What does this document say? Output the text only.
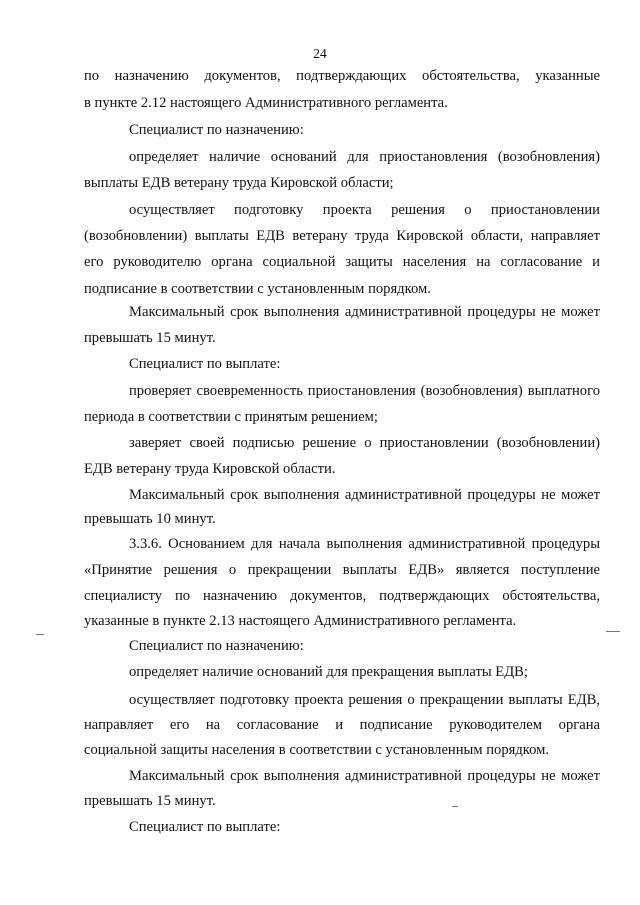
24
по назначению документов, подтверждающих обстоятельства, указанные
в пункте 2.12 настоящего Административного регламента.
Специалист по назначению:
определяет наличие оснований для приостановления (возобновления)
выплаты ЕДВ ветерану труда Кировской области;
осуществляет подготовку проекта решения о приостановлении
(возобновлении) выплаты ЕДВ ветерану труда Кировской области, направляет
его руководителю органа социальной защиты населения на согласование и
подписание в соответствии с установленным порядком.
Максимальный срок выполнения административной процедуры не может
превышать 15 минут.
Специалист по выплате:
проверяет своевременность приостановления (возобновления) выплатного
периода в соответствии с принятым решением;
заверяет своей подписью решение о приостановлении (возобновлении)
ЕДВ ветерану труда Кировской области.
Максимальный срок выполнения административной процедуры не может
превышать 10 минут.
3.3.6. Основанием для начала выполнения административной процедуры
«Принятие решения о прекращении выплаты ЕДВ» является поступление
специалисту по назначению документов, подтверждающих обстоятельства,
указанные в пункте 2.13 настоящего Административного регламента.
Специалист по назначению:
определяет наличие оснований для прекращения выплаты ЕДВ;
осуществляет подготовку проекта решения о прекращении выплаты ЕДВ,
направляет его на согласование и подписание руководителем органа
социальной защиты населения в соответствии с установленным порядком.
Максимальный срок выполнения административной процедуры не может
превышать 15 минут.
Специалист по выплате:
